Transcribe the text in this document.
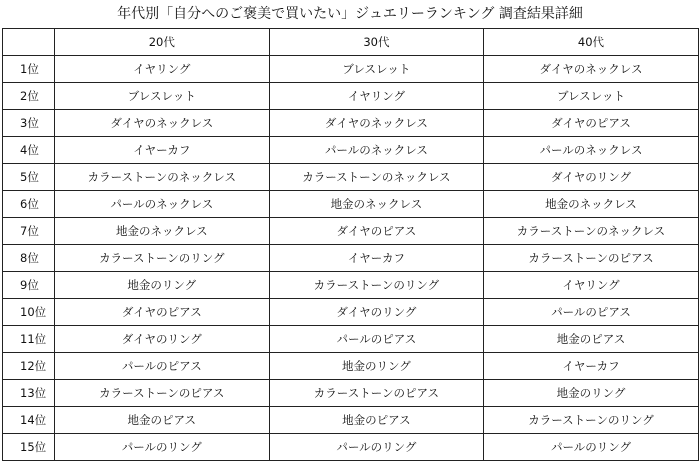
年代別「自分へのご褒美で買いたい」ジュエリーランキング 調査結果詳細
	20代	30代	40代
1位	イヤリング	ブレスレット	ダイヤのネックレス
2位	ブレスレット	イヤリング	ブレスレット
3位	ダイヤのネックレス	ダイヤのネックレス	ダイヤのピアス
4位	イヤーカフ	パールのネックレス	パールのネックレス
5位	カラーストーンのネックレス	カラーストーンのネックレス	ダイヤのリング
6位	パールのネックレス	地金のネックレス	地金のネックレス
7位	地金のネックレス	ダイヤのピアス	カラーストーンのネックレス
8位	カラーストーンのリング	イヤーカフ	カラーストーンのピアス
9位	地金のリング	カラーストーンのリング	イヤリング
10位	ダイヤのピアス	ダイヤのリング	パールのピアス
11位	ダイヤのリング	パールのピアス	地金のピアス
12位	パールのピアス	地金のリング	イヤーカフ
13位	カラーストーンのピアス	カラーストーンのピアス	地金のリング
14位	地金のピアス	地金のピアス	カラーストーンのリング
15位	パールのリング	パールのリング	パールのリング
